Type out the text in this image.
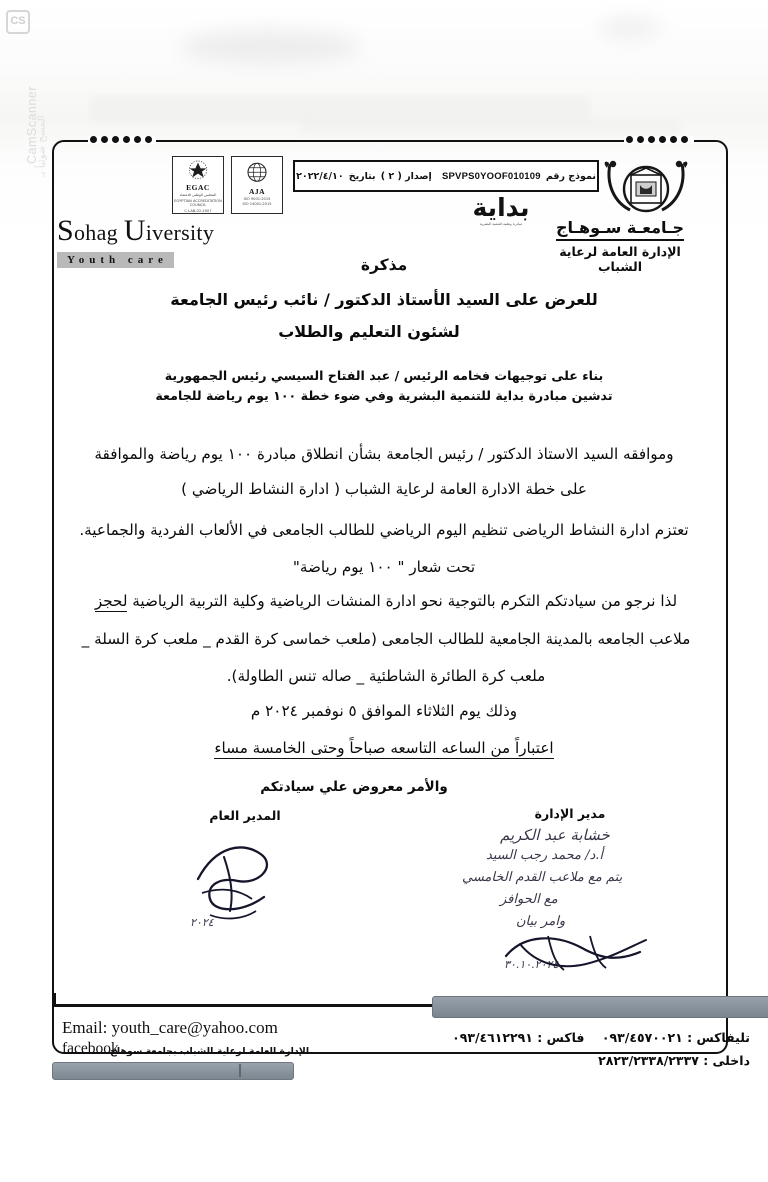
CS
CamScanner
المسح ضوئياً بـ
EGAC
المجلس الوطني للاعتماد
EGYPTIAN ACCREDITATION COUNCIL
C-LAB-02-2007
AJA
ISO 9001:2015
ISO 14001:2015
نموذج رقم

SPVPS0YOOF010109

إصدار ( ٢ )

بتاريخ

٢٠٢٢/٤/١٠
جـامعـة سـوهـاج
الإدارة العامة لرعاية الشباب
بداية
مبادرة وطنية للتنمية البشرية
Sohag Uiversity
Youth care	مذكرة
للعرض على السيد الأستاذ الدكتور / نائب رئيس الجامعة
لشئون التعليم والطلاب
بناء على توجيهات فخامه الرئيس / عبد الفتاح السيسي رئيس الجمهورية
تدشين مبادرة بداية للتنمية البشرية وفي ضوء خطة ١٠٠ يوم رياضة للجامعة
وموافقه السيد الاستاذ الدكتور / رئيس الجامعة بشأن انطلاق مبادرة ١٠٠ يوم رياضة والموافقة
على خطة الادارة العامة لرعاية الشباب ( ادارة النشاط الرياضي )
تعتزم ادارة النشاط الرياضى تنظيم اليوم الرياضي للطالب الجامعى في الألعاب الفردية والجماعية.
تحت شعار " ١٠٠ يوم رياضة"
لذا نرجو من سيادتكم التكرم بالتوجية نحو ادارة المنشات الرياضية وكلية التربية الرياضية لحجز
ملاعب الجامعه بالمدينة الجامعية للطالب الجامعى (ملعب خماسى كرة القدم _ ملعب كرة السلة _
ملعب كرة الطائرة الشاطئية _ صاله تنس الطاولة).
وذلك يوم الثلاثاء الموافق ٥ نوفمبر ٢٠٢٤ م
اعتباراً من الساعه التاسعه صباحاً وحتى الخامسة مساء
والأمر معروض علي سيادتكم
المدير العام
٢٠٢٤
مدير الإدارة
خشابة عبد الكريم
أ.د/ محمد رجب السيد
يتم مع ملاعب القدم الخامسي
مع الحوافز
وامر بيان
٣٠.١٠.٢٠٢٤
Email: youth_care@yahoo.com
facebook
الإدارة العامة لرعاية الشباب بجامعة سوهاج
تليفاكس : ٠٩٣/٤٥٧٠٠٢١    فاكس : ٠٩٣/٤٦١٢٢٩١
داخلى : ٢٨٢٣/٢٣٣٨/٢٣٣٧
